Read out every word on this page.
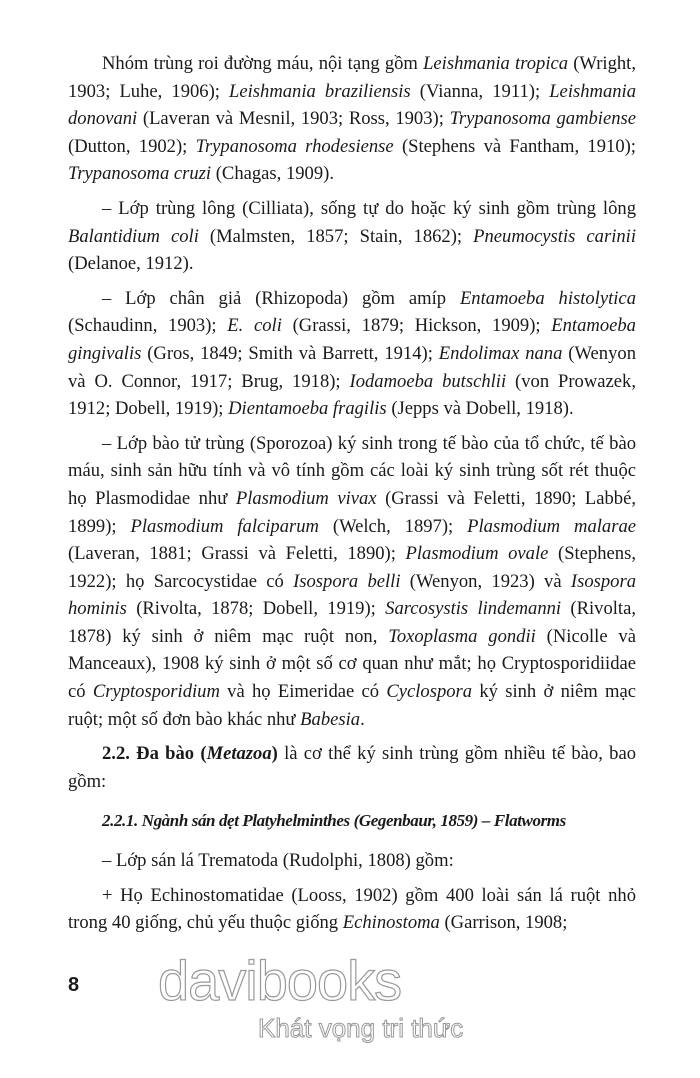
Nhóm trùng roi đường máu, nội tạng gồm Leishmania tropica (Wright, 1903; Luhe, 1906); Leishmania braziliensis (Vianna, 1911); Leishmania donovani (Laveran và Mesnil, 1903; Ross, 1903); Trypanosoma gambiense (Dutton, 1902); Trypanosoma rhodesiense (Stephens và Fantham, 1910); Trypanosoma cruzi (Chagas, 1909).

– Lớp trùng lông (Cilliata), sống tự do hoặc ký sinh gồm trùng lông Balantidium coli (Malmsten, 1857; Stain, 1862); Pneumocystis carinii (Delanoe, 1912).

– Lớp chân giả (Rhizopoda) gồm amíp Entamoeba histolytica (Schaudinn, 1903); E. coli (Grassi, 1879; Hickson, 1909); Entamoeba gingivalis (Gros, 1849; Smith và Barrett, 1914); Endolimax nana (Wenyon và O. Connor, 1917; Brug, 1918); Iodamoeba butschlii (von Prowazek, 1912; Dobell, 1919); Dientamoeba fragilis (Jepps và Dobell, 1918).

– Lớp bào tử trùng (Sporozoa) ký sinh trong tế bào của tổ chức, tế bào máu, sinh sản hữu tính và vô tính gồm các loài ký sinh trùng sốt rét thuộc họ Plasmodidae như Plasmodium vivax (Grassi và Feletti, 1890; Labbé, 1899); Plasmodium falciparum (Welch, 1897); Plasmodium malarae (Laveran, 1881; Grassi và Feletti, 1890); Plasmodium ovale (Stephens, 1922); họ Sarcocystidae có Isospora belli (Wenyon, 1923) và Isospora hominis (Rivolta, 1878; Dobell, 1919); Sarcosystis lindemanni (Rivolta, 1878) ký sinh ở niêm mạc ruột non, Toxoplasma gondii (Nicolle và Manceaux), 1908 ký sinh ở một số cơ quan như mắt; họ Cryptosporidiidae có Cryptosporidium và họ Eimeridae có Cyclospora ký sinh ở niêm mạc ruột; một số đơn bào khác như Babesia.

2.2. Đa bào (Metazoa) là cơ thể ký sinh trùng gồm nhiều tế bào, bao gồm:

2.2.1. Ngành sán dẹt Platyhelminthes (Gegenbaur, 1859) – Flatworms

– Lớp sán lá Trematoda (Rudolphi, 1808) gồm:

+ Họ Echinostomatidae (Looss, 1902) gồm 400 loài sán lá ruột nhỏ trong 40 giống, chủ yếu thuộc giống Echinostoma (Garrison, 1908;

8 davibooks
Khát vọng tri thức
